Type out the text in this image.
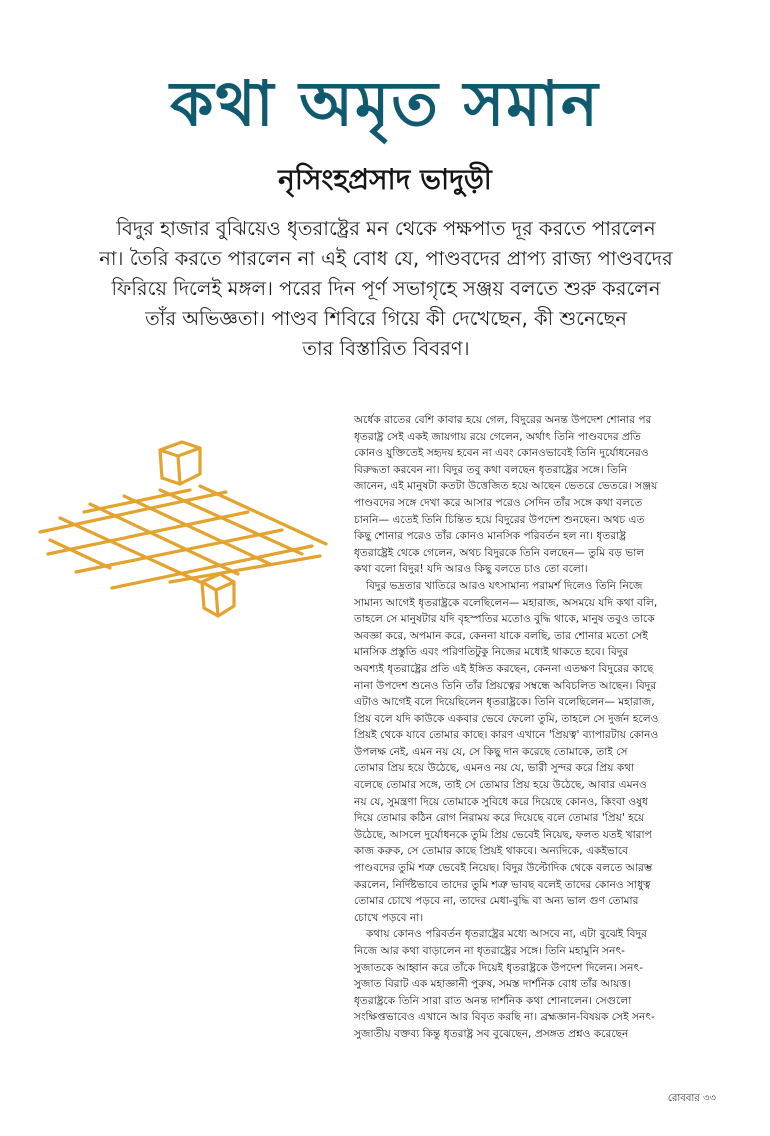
কথা অমৃত সমান
নৃসিংহপ্রসাদ ভাদুড়ী
বিদুর হাজার বুঝিয়েও ধৃতরাষ্ট্রের মন থেকে পক্ষপাত দূর করতে পারলেন
না। তৈরি করতে পারলেন না এই বোধ যে, পাণ্ডবদের প্রাপ্য রাজ্য পাণ্ডবদের
ফিরিয়ে দিলেই মঙ্গল। পরের দিন পূর্ণ সভাগৃহে সঞ্জয় বলতে শুরু করলেন
তাঁর অভিজ্ঞতা। পাণ্ডব শিবিরে গিয়ে কী দেখেছেন, কী শুনেছেন
তার বিস্তারিত বিবরণ।
অর্ধেক রাতের বেশি কাবার হয়ে গেল, বিদুরের অনন্ত উপদেশ শোনার পর
ধৃতরাষ্ট্র সেই একই জায়গায় রয়ে গেলেন, অর্থাৎ তিনি পাণ্ডবদের প্রতি
কোনও যুক্তিতেই সহৃদয় হবেন না এবং কোনওভাবেই তিনি দুর্যোধনেরও
বিরুদ্ধতা করবেন না। বিদুর তবু কথা বলছেন ধৃতরাষ্ট্রের সঙ্গে। তিনি
জানেন, এই মানুষটা কতটা উত্তেজিত হয়ে আছেন ভেতরে ভেতরে। সঞ্জয়
পাণ্ডবদের সঙ্গে দেখা করে আসার পরেও সেদিন তাঁর সঙ্গে কথা বলতে
চাননি— এতেই তিনি চিন্তিত হয়ে বিদুরের উপদেশ শুনছেন। অথচ এত
কিছু শোনার পরেও তাঁর কোনও মানসিক পরিবর্তন হল না। ধৃতরাষ্ট্র
ধৃতরাষ্ট্রেই থেকে গেলেন, অথচ বিদুরকে তিনি বলছেন— তুমি বড় ভাল
কথা বলো বিদুর! যদি আরও কিছু বলতে চাও তো বলো।
বিদুর ভদ্রতার খাতিরে আরও যৎসামান্য পরামর্শ দিলেও তিনি নিজে
সামান্য আগেই ধৃতরাষ্ট্রকে বলেছিলেন— মহারাজ, অসময়ে যদি কথা বলি,
তাহলে সে মানুষটার যদি বৃহস্পতির মতোও বুদ্ধি থাকে, মানুষ তবুও তাকে
অবজ্ঞা করে, অপমান করে, কেননা যাকে বলছি, তার শোনার মতো সেই
মানসিক প্রস্তুতি এবং পরিণতিটুকু নিজের মধ্যেই থাকতে হবে। বিদুর
অবশ্যই ধৃতরাষ্ট্রের প্রতি এই ইঙ্গিত করছেন, কেননা এতক্ষণ বিদুরের কাছে
নানা উপদেশ শুনেও তিনি তাঁর প্রিয়ত্বের সম্বন্ধে অবিচলিত আছেন। বিদুর
এটাও আগেই বলে দিয়েছিলেন ধৃতরাষ্ট্রকে। তিনি বলেছিলেন— মহারাজ,
প্রিয় বলে যদি কাউকে একবার ভেবে ফেলো তুমি, তাহলে সে দুর্জন হলেও
প্রিয়ই থেকে যাবে তোমার কাছে। কারণ এখানে 'প্রিয়ত্ব' ব্যাপারটায় কোনও
উপলক্ষ নেই, এমন নয় যে, সে কিছু দান করেছে তোমাকে, তাই সে
তোমার প্রিয় হয়ে উঠেছে, এমনও নয় যে, ভারী সুন্দর করে প্রিয় কথা
বলেছে তোমার সঙ্গে, তাই সে তোমার প্রিয় হয়ে উঠেছে, আবার এমনও
নয় যে, সুমন্ত্রণা দিয়ে তোমাকে সুবিধে করে দিয়েছে কোনও, কিংবা ওষুধ
দিয়ে তোমার কঠিন রোগ নিরাময় করে দিয়েছে বলে তোমার 'প্রিয়' হয়ে
উঠেছে, আসলে দুর্যোধনকে তুমি প্রিয় ভেবেই নিয়েছ, ফলত যতই খারাপ
কাজ করুক, সে তোমার কাছে প্রিয়ই থাকবে। অন্যদিকে, একইভাবে
পাণ্ডবদের তুমি শত্রু ভেবেই নিয়েছ। বিদুর উল্টোদিক থেকে বলতে আরম্ভ
করলেন, নির্দিষ্টভাবে তাদের তুমি শত্রু ভাবছ বলেই তাদের কোনও সাধুত্ব
তোমার চোখে পড়বে না, তাদের মেধা-বুদ্ধি বা অন্য ভাল গুণ তোমার
চোখে পড়বে না।
কথায় কোনও পরিবর্তন ধৃতরাষ্ট্রের মধ্যে আসবে না, এটা বুঝেই বিদুর
নিজে আর কথা বাড়ালেন না ধৃতরাষ্ট্রের সঙ্গে। তিনি মহামুনি সনৎ-
সুজাতকে আহ্বান করে তাঁকে দিয়েই ধৃতরাষ্ট্রকে উপদেশ দিলেন। সনৎ-
সুজাত বিরাট এক মহাজ্ঞানী পুরুষ, সমস্ত দার্শনিক বোধ তাঁর আয়ত্ত।
ধৃতরাষ্ট্রকে তিনি সারা রাত অনন্ত দার্শনিক কথা শোনালেন। সেগুলো
সংক্ষিপ্তভাবেও এখানে আর বিবৃত করছি না। ব্রহ্মজ্ঞান-বিষয়ক সেই সনৎ-
সুজাতীয় বক্তব্য কিন্তু ধৃতরাষ্ট্র সব বুঝেছেন, প্রসঙ্গত প্রশ্নও করেছেন
রোববার ৩৩
